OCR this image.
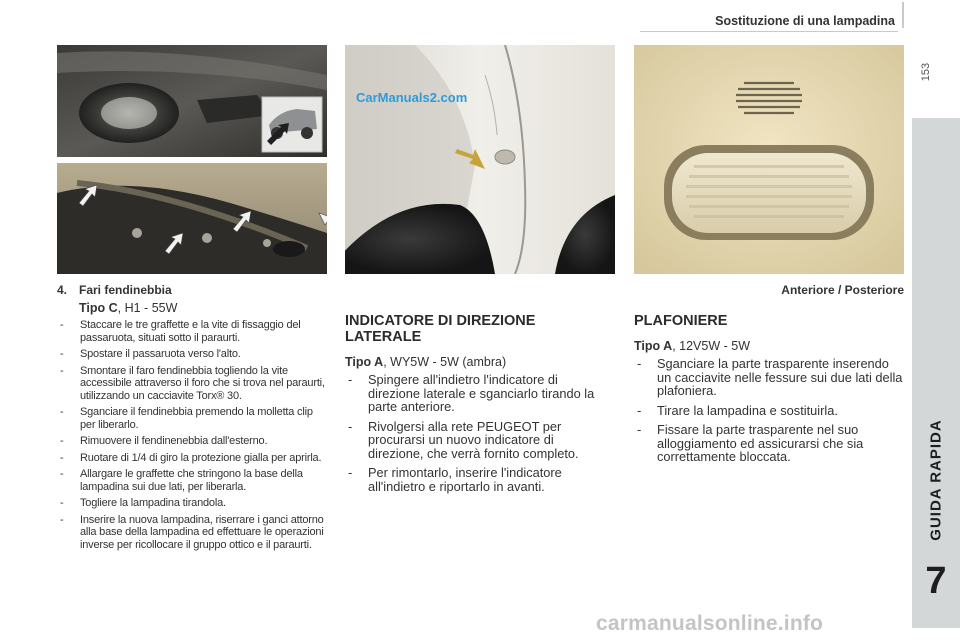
Sostituzione di una lampadina
153
GUIDA RAPIDA
7
CarManuals2.com
4. Fari fendinebbia
Tipo C, H1 - 55W
- Staccare le tre graffette e la vite di fissaggio del passaruota, situati sotto il paraurti.
- Spostare il passaruota verso l'alto.
- Smontare il faro fendinebbia togliendo la vite accessibile attraverso il foro che si trova nel paraurti, utilizzando un cacciavite Torx® 30.
- Sganciare il fendinebbia premendo la molletta clip per liberarlo.
- Rimuovere il fendinenebbia dall'esterno.
- Ruotare di 1/4 di giro la protezione gialla per aprirla.
- Allargare le graffette che stringono la base della lampadina sui due lati, per liberarla.
- Togliere la lampadina tirandola.
- Inserire la nuova lampadina, riserrare i ganci attorno alla base della lampadina ed effettuare le operazioni inverse per ricollocare il gruppo ottico e il paraurti.
INDICATORE DI DIREZIONE LATERALE
Tipo A, WY5W - 5W (ambra)
- Spingere all'indietro l'indicatore di direzione laterale e sganciarlo tirando la parte anteriore.
- Rivolgersi alla rete PEUGEOT per procurarsi un nuovo indicatore di direzione, che verrà fornito completo.
- Per rimontarlo, inserire l'indicatore all'indietro e riportarlo in avanti.
Anteriore / Posteriore
PLAFONIERE
Tipo A, 12V5W - 5W
- Sganciare la parte trasparente inserendo un cacciavite nelle fessure sui due lati della plafoniera.
- Tirare la lampadina e sostituirla.
- Fissare la parte trasparente nel suo alloggiamento ed assicurarsi che sia correttamente bloccata.
carmanualsonline.info
